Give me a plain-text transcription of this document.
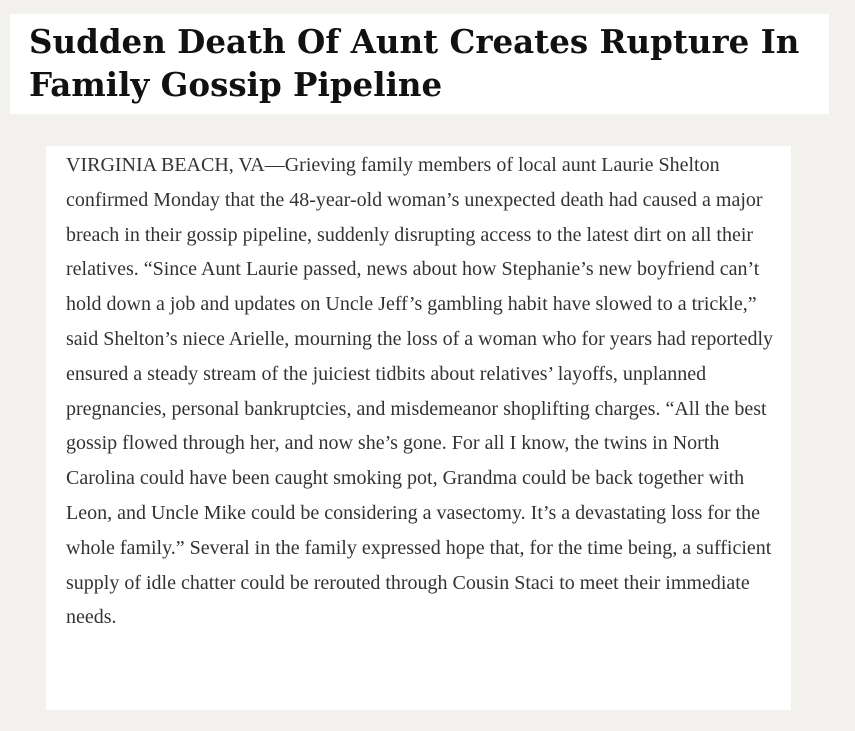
Sudden Death Of Aunt Creates Rupture In Family Gossip Pipeline

VIRGINIA BEACH, VA—Grieving family members of local aunt Laurie Shelton confirmed Monday that the 48-year-old woman’s unexpected death had caused a major breach in their gossip pipeline, suddenly disrupting access to the latest dirt on all their relatives. “Since Aunt Laurie passed, news about how Stephanie’s new boyfriend can’t hold down a job and updates on Uncle Jeff’s gambling habit have slowed to a trickle,” said Shelton’s niece Arielle, mourning the loss of a woman who for years had reportedly ensured a steady stream of the juiciest tidbits about relatives’ layoffs, unplanned pregnancies, personal bankruptcies, and misdemeanor shoplifting charges. “All the best gossip flowed through her, and now she’s gone. For all I know, the twins in North Carolina could have been caught smoking pot, Grandma could be back together with Leon, and Uncle Mike could be considering a vasectomy. It’s a devastating loss for the whole family.” Several in the family expressed hope that, for the time being, a sufficient supply of idle chatter could be rerouted through Cousin Staci to meet their immediate needs.
